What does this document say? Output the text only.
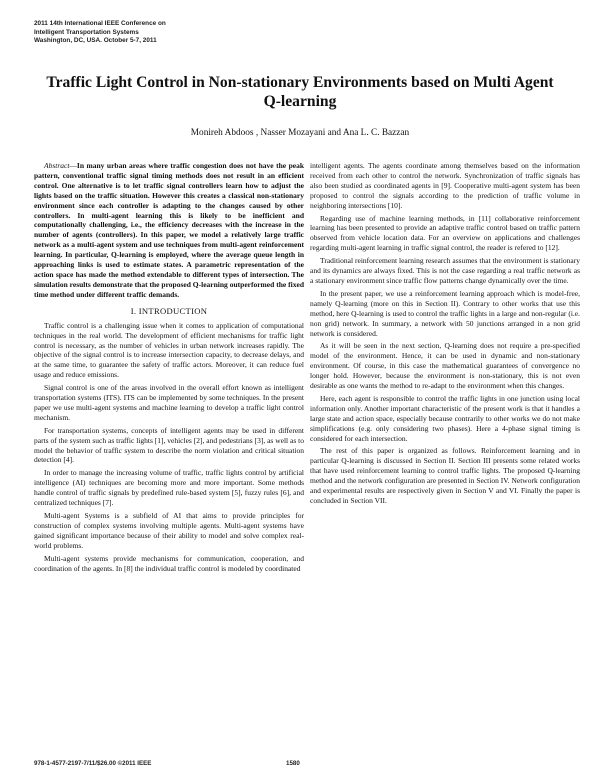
2011 14th International IEEE Conference on
Intelligent Transportation Systems
Washington, DC, USA. October 5-7, 2011
Traffic Light Control in Non-stationary Environments based on Multi Agent Q-learning
Monireh Abdoos , Nasser Mozayani and Ana L. C. Bazzan

Abstract—In many urban areas where traffic congestion does not have the peak pattern, conventional traffic signal timing methods does not result in an efficient control. One alternative is to let traffic signal controllers learn how to adjust the lights based on the traffic situation. However this creates a classical non-stationary environment since each controller is adapting to the changes caused by other controllers. In multi-agent learning this is likely to be inefficient and computationally challenging, i.e., the efficiency decreases with the increase in the number of agents (controllers). In this paper, we model a relatively large traffic network as a multi-agent system and use techniques from multi-agent reinforcement learning. In particular, Q-learning is employed, where the average queue length in approaching links is used to estimate states. A parametric representation of the action space has made the method extendable to different types of intersection. The simulation results demonstrate that the proposed Q-learning outperformed the fixed time method under different traffic demands.

I. INTRODUCTION

Traffic control is a challenging issue when it comes to application of computational techniques in the real world. The development of efficient mechanisms for traffic light control is necessary, as the number of vehicles in urban network increases rapidly. The objective of the signal control is to increase intersection capacity, to decrease delays, and at the same time, to guarantee the safety of traffic actors. Moreover, it can reduce fuel usage and reduce emissions.

Signal control is one of the areas involved in the overall effort known as intelligent transportation systems (ITS). ITS can be implemented by some techniques. In the present paper we use multi-agent systems and machine learning to develop a traffic light control mechanism.

For transportation systems, concepts of intelligent agents may be used in different parts of the system such as traffic lights [1], vehicles [2], and pedestrians [3], as well as to model the behavior of traffic system to describe the norm violation and critical situation detection [4].

In order to manage the increasing volume of traffic, traffic lights control by artificial intelligence (AI) techniques are becoming more and more important. Some methods handle control of traffic signals by predefined rule-based system [5], fuzzy rules [6], and centralized techniques [7].

Multi-agent Systems is a subfield of AI that aims to provide principles for construction of complex systems involving multiple agents. Multi-agent systems have gained significant importance because of their ability to model and solve complex real-world problems.

Multi-agent systems provide mechanisms for communication, cooperation, and coordination of the agents. In [8] the individual traffic control is modeled by coordinated

intelligent agents. The agents coordinate among themselves based on the information received from each other to control the network. Synchronization of traffic signals has also been studied as coordinated agents in [9]. Cooperative multi-agent system has been proposed to control the signals according to the prediction of traffic volume in neighboring intersections [10].

Regarding use of machine learning methods, in [11] collaborative reinforcement learning has been presented to provide an adaptive traffic control based on traffic pattern observed from vehicle location data. For an overview on applications and challenges regarding multi-agent learning in traffic signal control, the reader is refered to [12].

Traditional reinforcement learning research assumes that the environment is stationary and its dynamics are always fixed. This is not the case regarding a real traffic network as a stationary environment since traffic flow patterns change dynamically over the time.

In the present paper, we use a reinforcement learning approach which is model-free, namely Q-learning (more on this in Section II). Contrary to other works that use this method, here Q-learning is used to control the traffic lights in a large and non-regular (i.e. non grid) network. In summary, a network with 50 junctions arranged in a non grid network is considered.

As it will be seen in the next section, Q-learning does not require a pre-specified model of the environment. Hence, it can be used in dynamic and non-stationary environment. Of course, in this case the mathematical guarantees of convergence no longer hold. However, because the environment is non-stationary, this is not even desirable as one wants the method to re-adapt to the environment when this changes.

Here, each agent is responsible to control the traffic lights in one junction using local information only. Another important characteristic of the present work is that it handles a large state and action space, especially because contrarily to other works we do not make simplifications (e.g. only considering two phases). Here a 4-phase signal timing is considered for each intersection.

The rest of this paper is organized as follows. Reinforcement learning and in particular Q-learning is discussed in Section II. Section III presents some related works that have used reinforcement learning to control traffic lights. The proposed Q-learning method and the network configuration are presented in Section IV. Network configuration and experimental results are respectively given in Section V and VI. Finally the paper is concluded in Section VII.

978-1-4577-2197-7/11/$26.00 ©2011 IEEE	1580
